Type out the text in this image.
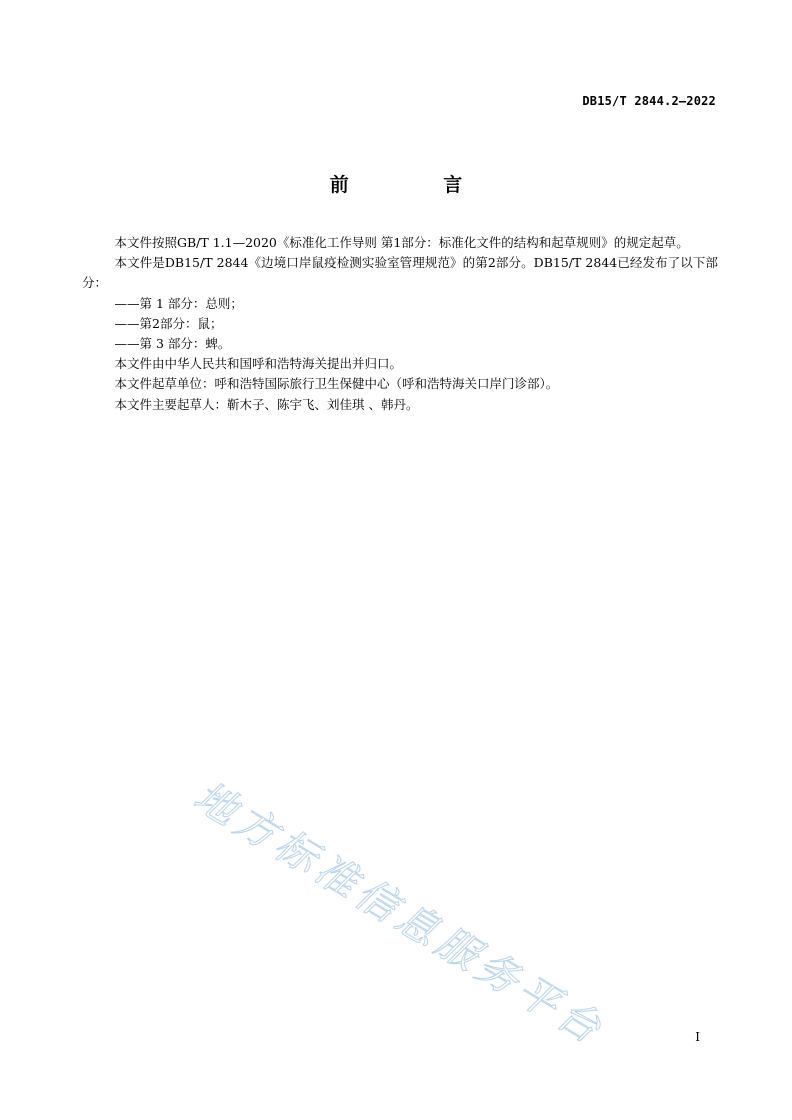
DB15/T 2844.2—2022
前 言

本文件按照GB/T 1.1—2020《标准化工作导则 第1部分：标准化文件的结构和起草规则》的规定起草。

本文件是DB15/T 2844《边境口岸鼠疫检测实验室管理规范》的第2部分。DB15/T 2844已经发布了以下部分：

——第 1 部分：总则；

——第2部分：鼠；

——第 3 部分：蜱。

本文件由中华人民共和国呼和浩特海关提出并归口。

本文件起草单位：呼和浩特国际旅行卫生保健中心（呼和浩特海关口岸门诊部）。

本文件主要起草人：靳木子、陈宇飞、刘佳琪 、韩丹。

地方标准信息服务平台	I
